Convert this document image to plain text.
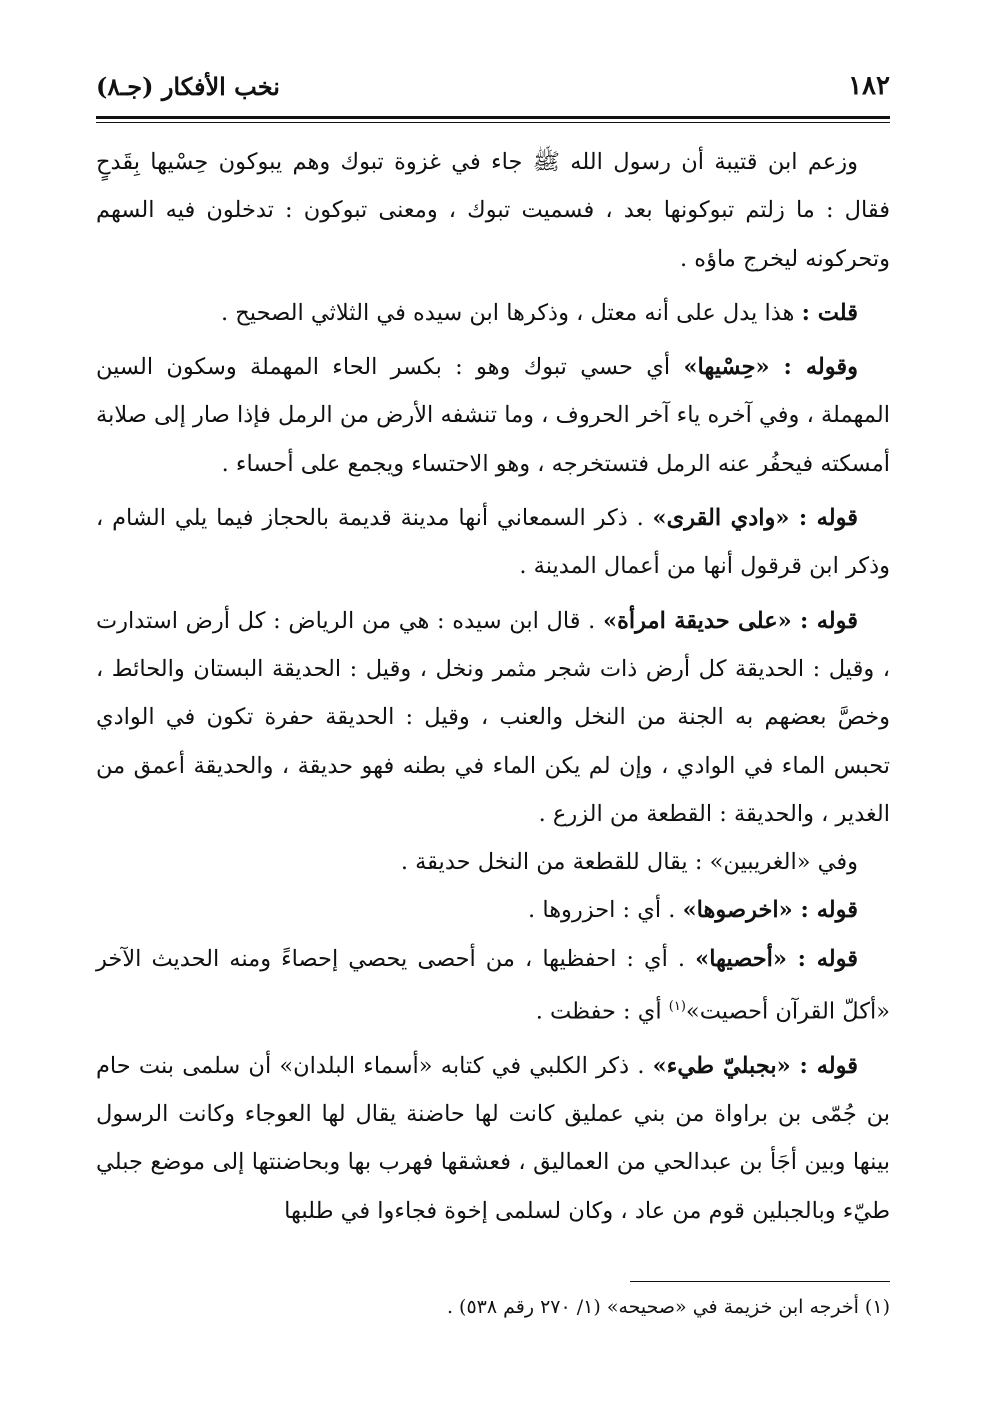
١٨٢
نخب الأفكار (جـ٨)

وزعم ابن قتيبة أن رسول الله ﷺ جاء في غزوة تبوك وهم يبوكون حِسْيها بِقَدحٍ فقال : ما زلتم تبوكونها بعد ، فسميت تبوك ، ومعنى تبوكون : تدخلون فيه السهم وتحركونه ليخرج ماؤه .

قلت : هذا يدل على أنه معتل ، وذكرها ابن سيده في الثلاثي الصحيح .

وقوله : «حِسْيها» أي حسي تبوك وهو : بكسر الحاء المهملة وسكون السين المهملة ، وفي آخره ياء آخر الحروف ، وما تنشفه الأرض من الرمل فإذا صار إلى صلابة أمسكته فيحفُر عنه الرمل فتستخرجه ، وهو الاحتساء ويجمع على أحساء .

قوله : «وادي القرى» . ذكر السمعاني أنها مدينة قديمة بالحجاز فيما يلي الشام ، وذكر ابن قرقول أنها من أعمال المدينة .

قوله : «على حديقة امرأة» . قال ابن سيده : هي من الرياض : كل أرض استدارت ، وقيل : الحديقة كل أرض ذات شجر مثمر ونخل ، وقيل : الحديقة البستان والحائط ، وخصَّ بعضهم به الجنة من النخل والعنب ، وقيل : الحديقة حفرة تكون في الوادي تحبس الماء في الوادي ، وإن لم يكن الماء في بطنه فهو حديقة ، والحديقة أعمق من الغدير ، والحديقة : القطعة من الزرع .

وفي «الغريبين» : يقال للقطعة من النخل حديقة .

قوله : «اخرصوها» . أي : احزروها .

قوله : «أحصيها» . أي : احفظيها ، من أحصى يحصي إحصاءً ومنه الحديث الآخر «أكلّ القرآن أحصيت»$^{(١)}$ أي : حفظت .

قوله : «بجبليّ طيء» . ذكر الكلبي في كتابه «أسماء البلدان» أن سلمى بنت حام بن جُمّى بن براواة من بني عمليق كانت لها حاضنة يقال لها العوجاء وكانت الرسول بينها وبين أجَأ بن عبدالحي من العماليق ، فعشقها فهرب بها وبحاضنتها إلى موضع جبلي طيّء وبالجبلين قوم من عاد ، وكان لسلمى إخوة فجاءوا في طلبها

(١) أخرجه ابن خزيمة في «صحيحه» (١/ ٢٧٠ رقم ٥٣٨) .
